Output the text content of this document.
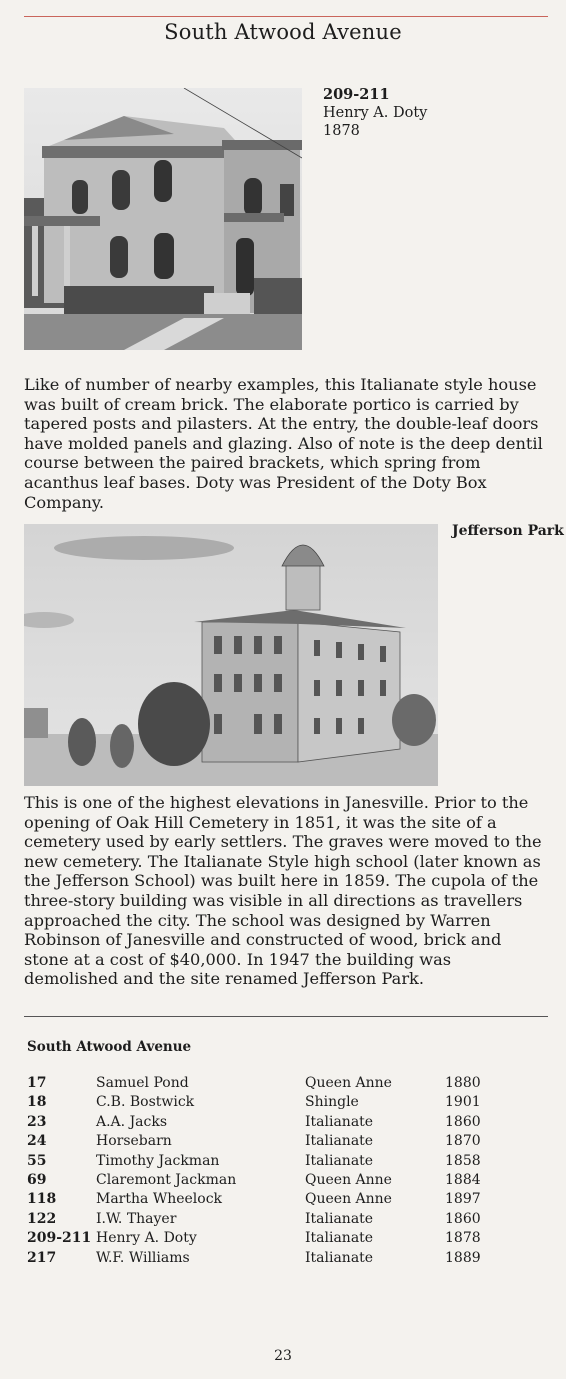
South Atwood Avenue
209-211
Henry A. Doty
1878
Like of number of nearby examples, this Italianate style house was built of cream brick. The elaborate portico is carried by tapered posts and pilasters. At the entry, the double-leaf doors have molded panels and glazing. Also of note is the deep dentil course between the paired brackets, which spring from acanthus leaf bases. Doty was President of the Doty Box Company.
Jefferson Park
This is one of the highest elevations in Janesville. Prior to the opening of Oak Hill Cemetery in 1851, it was the site of a cemetery used by early settlers. The graves were moved to the new cemetery. The Italianate Style high school (later known as the Jefferson School) was built here in 1859. The cupola of the three-story building was visible in all directions as travellers approached the city. The school was designed by Warren Robinson of Janesville and constructed of wood, brick and stone at a cost of $40,000. In 1947 the building was demolished and the site renamed Jefferson Park.
South Atwood Avenue
17	Samuel Pond	Queen Anne	1880
18	C.B. Bostwick	Shingle	1901
23	A.A. Jacks	Italianate	1860
24	Horsebarn	Italianate	1870
55	Timothy Jackman	Italianate	1858
69	Claremont Jackman	Queen Anne	1884
118	Martha Wheelock	Queen Anne	1897
122	I.W. Thayer	Italianate	1860
209-211 Henry A. Doty	Italianate	1878
217	W.F. Williams	Italianate	1889
23
